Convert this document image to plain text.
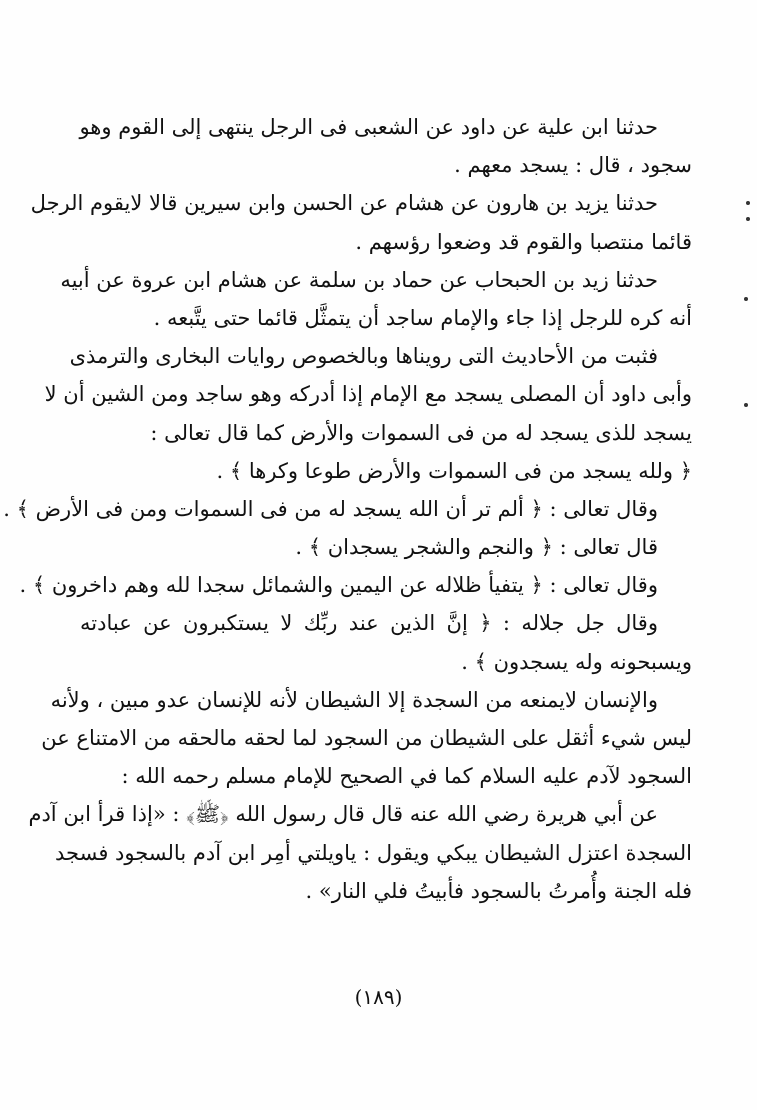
حدثنا ابن علية عن داود عن الشعبى فى الرجل ينتهى إلى القوم وهو
سجود ، قال : يسجد معهم .
حدثنا يزيد بن هارون عن هشام عن الحسن وابن سيرين قالا لايقوم الرجل
قائما منتصبا والقوم قد وضعوا رؤسهم .
حدثنا زيد بن الحبحاب عن حماد بن سلمة عن هشام ابن عروة عن أبيه
أنه كره للرجل إذا جاء والإمام ساجد أن يتمثَّل قائما حتى يتَّبعه .
فثبت من الأحاديث التى رويناها وبالخصوص روايات البخارى والترمذى
وأبى داود أن المصلى يسجد مع الإمام إذا أدركه وهو ساجد ومن الشين أن لا
يسجد للذى يسجد له من فى السموات والأرض كما قال تعالى :
﴿ ولله يسجد من فى السموات والأرض طوعا وكرها ﴾ .
وقال تعالى : ﴿ ألم تر أن الله يسجد له من فى السموات ومن فى الأرض ﴾ .
قال تعالى : ﴿ والنجم والشجر يسجدان ﴾ .
وقال تعالى : ﴿ يتفيأ ظلاله عن اليمين والشمائل سجدا لله وهم داخرون ﴾ .
وقال جل جلاله : ﴿ إنَّ الذين عند ربِّك لا يستكبرون عن عبادته
ويسبحونه وله يسجدون ﴾ .
والإنسان لايمنعه من السجدة إلا الشيطان لأنه للإنسان عدو مبين ، ولأنه
ليس شيء أثقل على الشيطان من السجود لما لحقه مالحقه من الامتناع عن
السجود لآدم عليه السلام كما في الصحيح للإمام مسلم رحمه الله :
عن أبي هريرة رضي الله عنه قال قال رسول الله ﴿ﷺ﴾ : «إذا قرأ ابن آدم
السجدة اعتزل الشيطان يبكي ويقول : ياويلتي أمِر ابن آدم بالسجود فسجد
فله الجنة وأُمرتُ بالسجود فأبيتُ فلي النار» .
(١٨٩)
